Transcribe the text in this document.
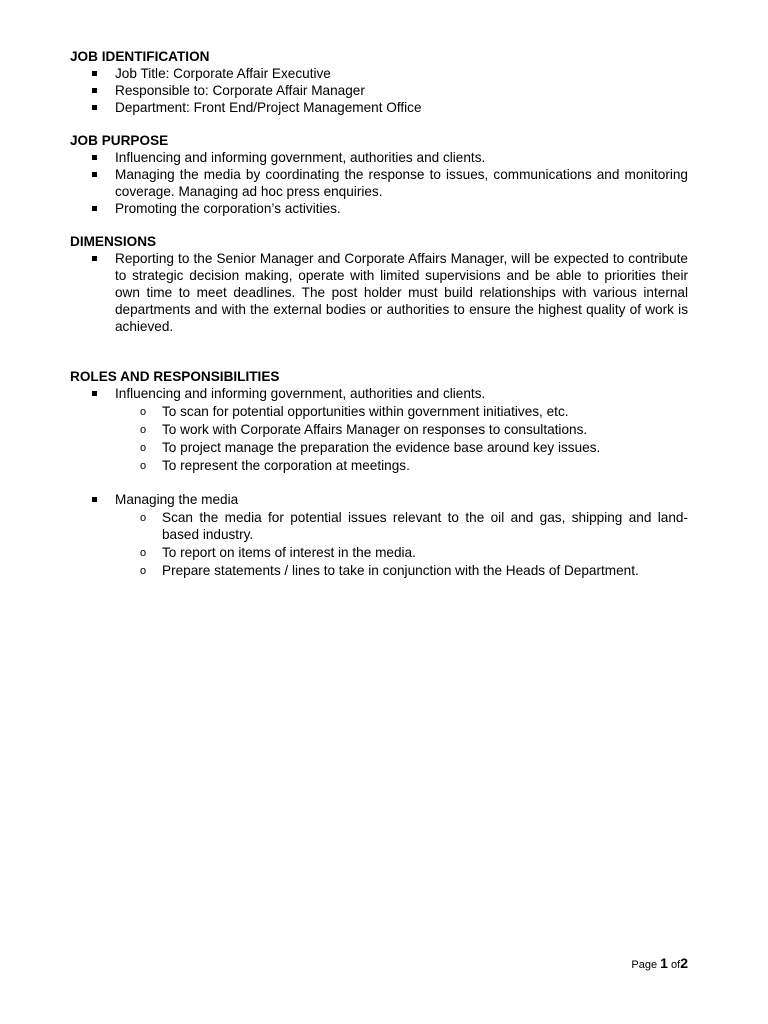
JOB IDENTIFICATION
Job Title: Corporate Affair Executive
Responsible to: Corporate Affair Manager
Department: Front End/Project Management Office
JOB PURPOSE
Influencing and informing government, authorities and clients.
Managing the media by coordinating the response to issues, communications and monitoring coverage. Managing ad hoc press enquiries.
Promoting the corporation’s activities.
DIMENSIONS
Reporting to the Senior Manager and Corporate Affairs Manager, will be expected to contribute to strategic decision making, operate with limited supervisions and be able to priorities their own time to meet deadlines. The post holder must build relationships with various internal departments and with the external bodies or authorities to ensure the highest quality of work is achieved.
ROLES AND RESPONSIBILITIES
Influencing and informing government, authorities and clients.
o To scan for potential opportunities within government initiatives, etc.
o To work with Corporate Affairs Manager on responses to consultations.
o To project manage the preparation the evidence base around key issues.
o To represent the corporation at meetings.
Managing the media
o Scan the media for potential issues relevant to the oil and gas, shipping and land-based industry.
o To report on items of interest in the media.
o Prepare statements / lines to take in conjunction with the Heads of Department.
Page 1 of2
